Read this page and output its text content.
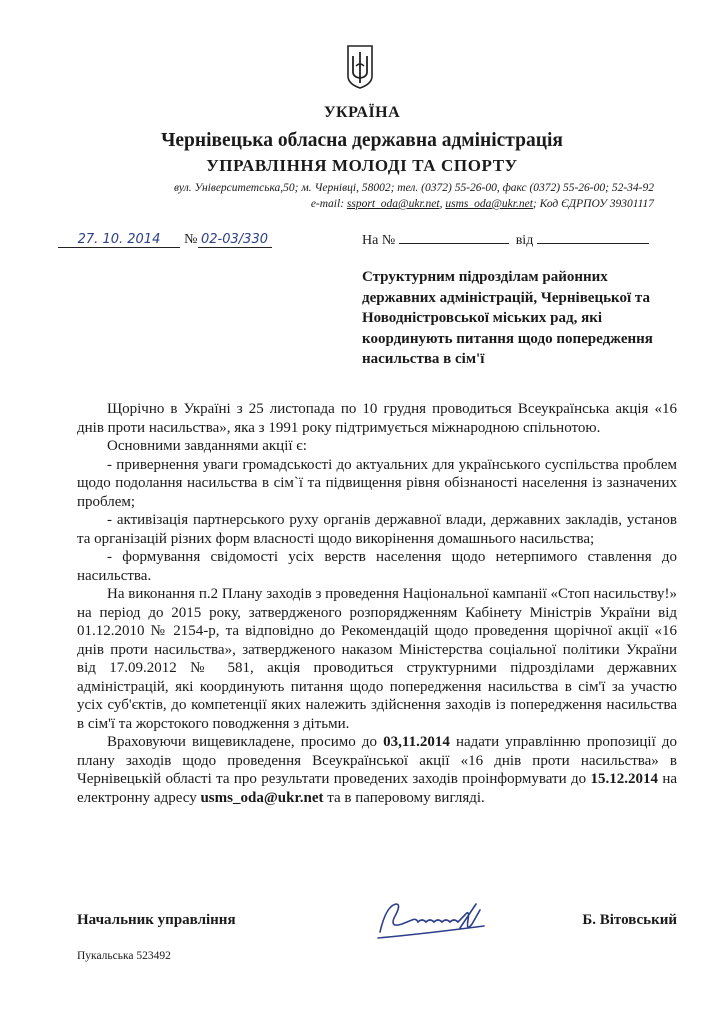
УКРАЇНА
Чернівецька обласна державна адміністрація
УПРАВЛІННЯ МОЛОДІ ТА СПОРТУ
вул. Університетська,50; м. Чернівці, 58002; тел. (0372) 55-26-00, факс (0372) 55-26-00; 52-34-92
e-mail: ssport_oda@ukr.net, usms_oda@ukr.net; Код ЄДРПОУ 39301117
27. 10. 2014 № 02-03/330	На №	від
Структурним підрозділам районних державних адміністрацій, Чернівецької та Новодністровської міських рад, які координують питання щодо попередження насильства в сім'ї

Щорічно в Україні з 25 листопада по 10 грудня проводиться Всеукраїнська акція «16 днів проти насильства», яка з 1991 року підтримується міжнародною спільнотою.

Основними завданнями акції є:

- привернення уваги громадськості до актуальних для українського суспільства проблем щодо подолання насильства в сім`ї та підвищення рівня обізнаності населення із зазначених проблем;

- активізація партнерського руху органів державної влади, державних закладів, установ та організацій різних форм власності щодо викорінення домашнього насильства;

- формування свідомості усіх верств населення щодо нетерпимого ставлення до насильства.

На виконання п.2 Плану заходів з проведення Національної кампанії «Стоп насильству!» на період до 2015 року, затвердженого розпорядженням Кабінету Міністрів України від 01.12.2010 № 2154-р, та відповідно до Рекомендацій щодо проведення щорічної акції «16 днів проти насильства», затвердженого наказом Міністерства соціальної політики України від 17.09.2012 № 581, акція проводиться структурними підрозділами державних адміністрацій, які координують питання щодо попередження насильства в сім'ї за участю усіх суб'єктів, до компетенції яких належить здійснення заходів із попередження насильства в сім'ї та жорстокого поводження з дітьми.

Враховуючи вищевикладене, просимо до 03,11.2014 надати управлінню пропозиції до плану заходів щодо проведення Всеукраїнської акції «16 днів проти насильства» в Чернівецькій області та про результати проведених заходів проінформувати до 15.12.2014 на електронну адресу usms_oda@ukr.net та в паперовому вигляді.

Начальник управління	Б. Вітовський
Пукальська 523492
